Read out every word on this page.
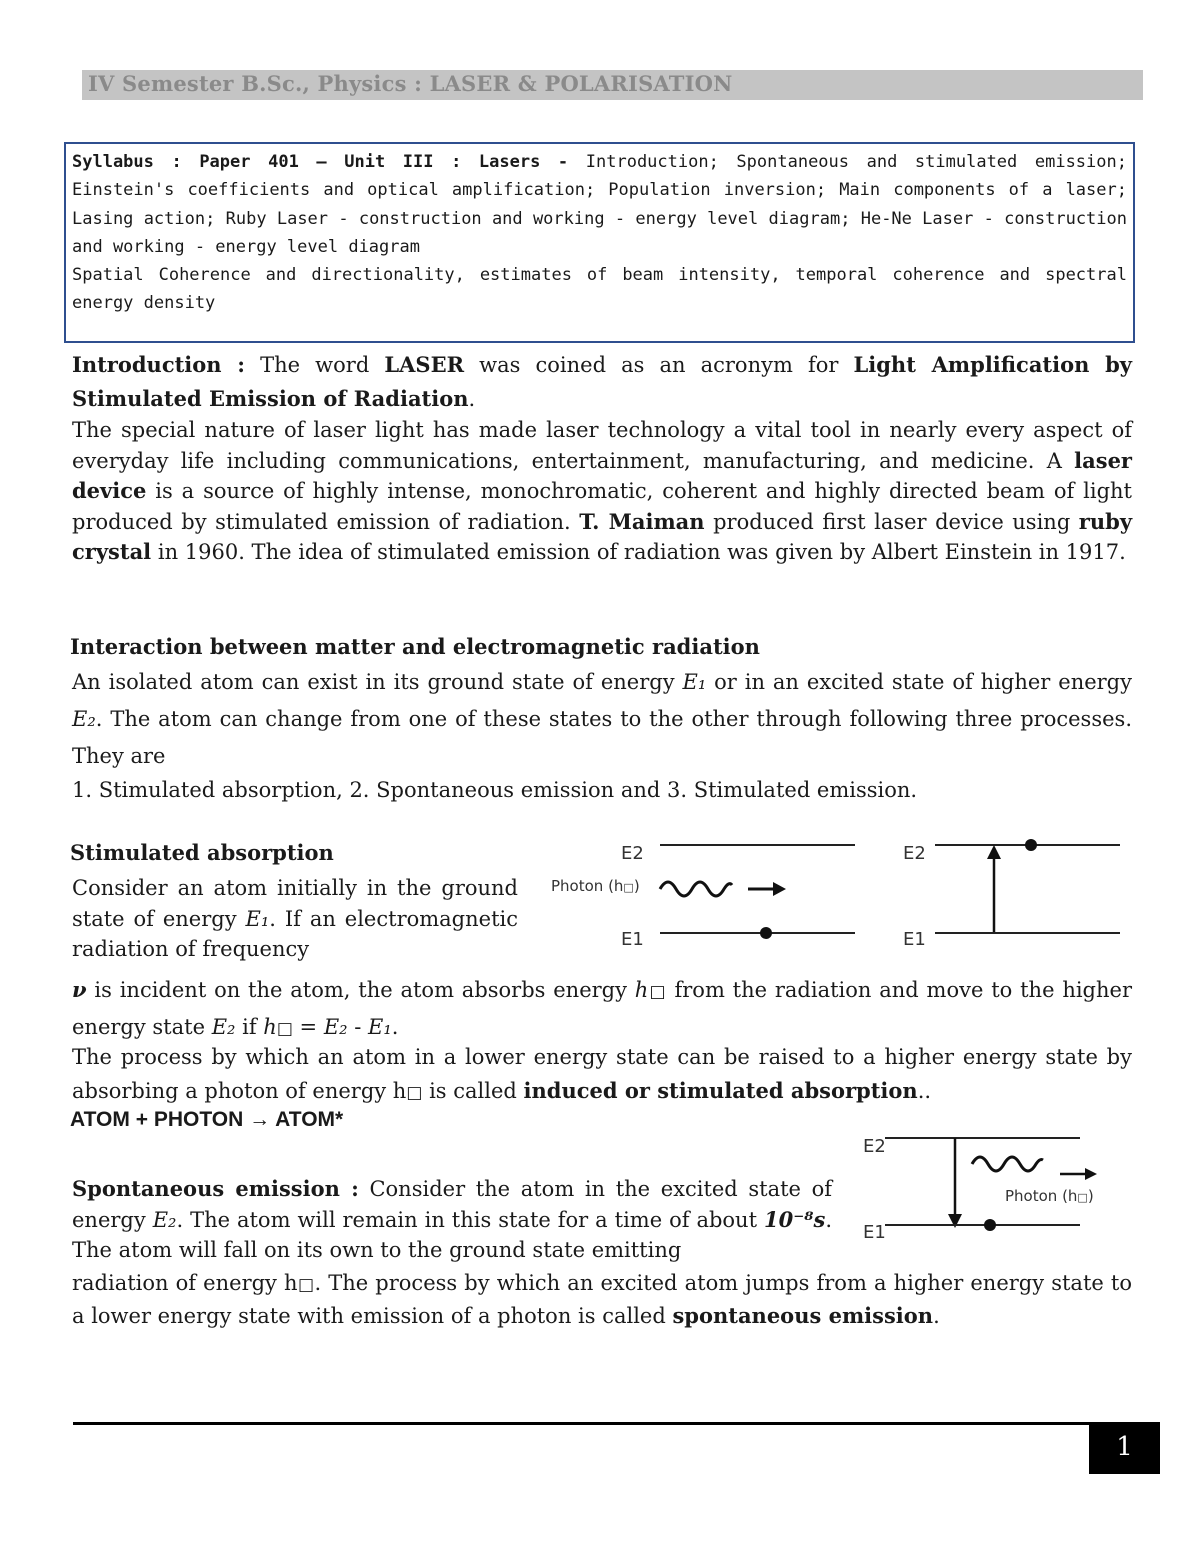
IV Semester B.Sc., Physics : LASER & POLARISATION
Syllabus : Paper 401 – Unit III : Lasers - Introduction; Spontaneous and stimulated emission; Einstein's coefficients and optical amplification; Population inversion; Main components of a laser; Lasing action; Ruby Laser - construction and working - energy level diagram; He-Ne Laser - construction and working - energy level diagram
Spatial Coherence and directionality, estimates of beam intensity, temporal coherence and spectral energy density
Introduction : The word LASER was coined as an acronym for Light Amplification by Stimulated Emission of Radiation.
The special nature of laser light has made laser technology a vital tool in nearly every aspect of everyday life including communications, entertainment, manufacturing, and medicine. A laser device is a source of highly intense, monochromatic, coherent and highly directed beam of light produced by stimulated emission of radiation. T. Maiman produced first laser device using ruby crystal in 1960. The idea of stimulated emission of radiation was given by Albert Einstein in 1917.
Interaction between matter and electromagnetic radiation
An isolated atom can exist in its ground state of energy E₁ or in an excited state of higher energy E₂. The atom can change from one of these states to the other through following three processes. They are
1. Stimulated absorption, 2. Spontaneous emission and 3. Stimulated emission.
Stimulated absorption
Consider an atom initially in the ground state of energy E₁. If an electromagnetic radiation of frequency
E2
Photon (h□)
E1
E2
E1
ν is incident on the atom, the atom absorbs energy h□ from the radiation and move to the higher energy state E₂ if h□ = E₂ - E₁.
The process by which an atom in a lower energy state can be raised to a higher energy state by absorbing a photon of energy h□ is called induced or stimulated absorption..
ATOM + PHOTON → ATOM*
E2
Photon (h□)
E1
Spontaneous emission : Consider the atom in the excited state of energy E₂. The atom will remain in this state for a time of about 10⁻⁸s. The atom will fall on its own to the ground state emitting
radiation of energy h□. The process by which an excited atom jumps from a higher energy state to a lower energy state with emission of a photon is called spontaneous emission.
1
